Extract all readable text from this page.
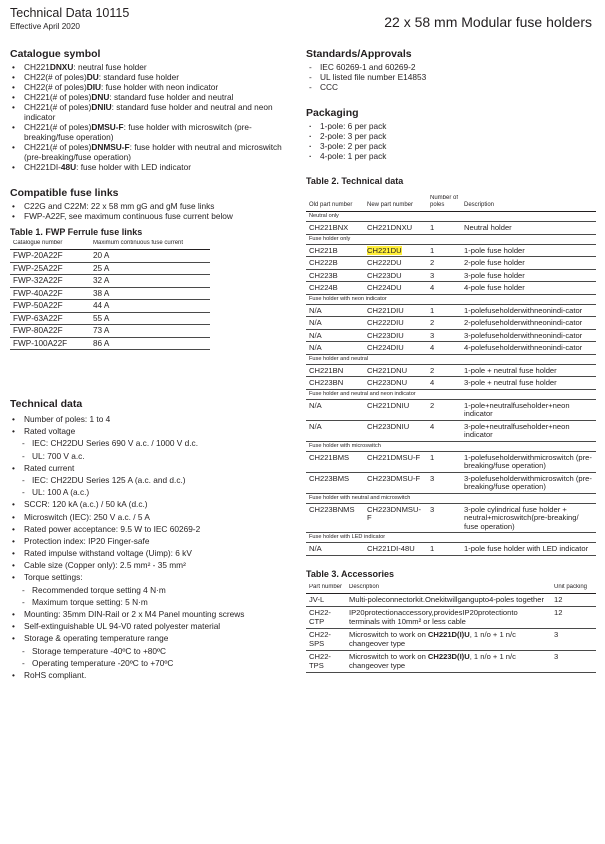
Technical Data 10115
Effective April 2020	22 x 58 mm Modular fuse holders
Catalogue symbol
• CH221DNXU: neutral fuse holder
• CH22(# of poles)DU: standard fuse holder
• CH22(# of poles)DIU: fuse holder with neon indicator
• CH221(# of poles)DNU: standard fuse holder and neutral
• CH221(# of poles)DNIU: standard fuse holder and neutral and neon indicator
• CH221(# of poles)DMSU-F: fuse holder with microswitch (pre-breaking/fuse operation)
• CH221(# of poles)DNMSU-F: fuse holder with neutral and microswitch (pre-breaking/fuse operation)
• CH221DI-48U: fuse holder with LED indicator
Compatible fuse links
• C22G and C22M: 22 x 58 mm gG and gM fuse links
• FWP-A22F, see maximum continuous fuse current below
Table 1. FWP Ferrule fuse links
Catalogue number	Maximum continuous fuse current
FWP-20A22F	20 A
FWP-25A22F	25 A
FWP-32A22F	32 A
FWP-40A22F	38 A
FWP-50A22F	44 A
FWP-63A22F	55 A
FWP-80A22F	73 A
FWP-100A22F	86 A
Technical data
• Number of poles: 1 to 4
• Rated voltage
- IEC: CH22DU Series 690 V a.c. / 1000 V d.c.
- UL: 700 V a.c.
• Rated current
- IEC: CH22DU Series 125 A (a.c. and d.c.)
- UL: 100 A (a.c.)
• SCCR: 120 kA (a.c.) / 50 kA (d.c.)
• Microswitch (IEC): 250 V a.c. / 5 A
• Rated power acceptance: 9.5 W to IEC 60269-2
• Protection index: IP20 Finger-safe
• Rated impulse withstand voltage (Uimp): 6 kV
• Cable size (Copper only): 2.5 mm² - 35 mm²
• Torque settings:
- Recommended torque setting 4 N·m
- Maximum torque setting: 5 N·m
• Mounting: 35mm DIN-Rail or 2 x M4 Panel mounting screws
• Self-extinguishable UL 94-V0 rated polyester material
• Storage & operating temperature range
- Storage temperature -40ºC to +80ºC
- Operating temperature -20ºC to +70ºC
• RoHS compliant.
Standards/Approvals
- IEC 60269-1 and 60269-2
- UL listed file number E14853
- CCC
Packaging
· 1-pole: 6 per pack
· 2-pole: 3 per pack
· 3-pole: 2 per pack
· 4-pole: 1 per pack
Table 2. Technical data
Old part number	New part number	Number of poles	Description
Neutral only			
CH221BNX	CH221DNXU	1	Neutral holder
Fuse holder only			
CH221B	CH221DU	1	1-pole fuse holder
CH222B	CH222DU	2	2-pole fuse holder
CH223B	CH223DU	3	3-pole fuse holder
CH224B	CH224DU	4	4-pole fuse holder
Fuse holder with neon indicator			
N/A	CH221DIU	1	1-polefuseholderwithneonindi-cator
N/A	CH222DIU	2	2-polefuseholderwithneonindi-cator
N/A	CH223DIU	3	3-polefuseholderwithneonindi-cator
N/A	CH224DIU	4	4-polefuseholderwithneonindi-cator
Fuse holder and neutral			
CH221BN	CH221DNU	2	1-pole + neutral fuse holder
CH223BN	CH223DNU	4	3-pole + neutral fuse holder
Fuse holder and neutral and neon indicator			
N/A	CH221DNIU	2	1-pole+neutralfuseholder+neon indicator
N/A	CH223DNIU	4	3-pole+neutralfuseholder+neon indicator
Fuse holder with microswitch			
CH221BMS	CH221DMSU-F	1	1-polefuseholderwithmicroswitch (pre-breaking/fuse operation)
CH223BMS	CH223DMSU-F	3	3-polefuseholderwithmicroswitch (pre-breaking/fuse operation)
Fuse holder with neutral and microswitch			
CH223BNMS	CH223DNMSU-F	3	3-pole cylindrical fuse holder + neutral+microswitch(pre-breaking/ fuse operation)
Fuse holder with LED indicator			
N/A	CH221DI-48U	1	1-pole fuse holder with LED indicator
Table 3. Accessories
Part number	Description	Unit packing
JV-L	Multi-poleconnectorkit.Onekitwillgangupto4-poles together	12
CH22-CTP	IP20protectionaccessory,providesIP20protectionto terminals with 10mm² or less cable	12
CH22-SPS	Microswitch to work on CH221D(I)U, 1 n/o + 1 n/c changeover type	3
CH22-TPS	Microswitch to work on CH223D(I)U, 1 n/o + 1 n/c changeover type	3
